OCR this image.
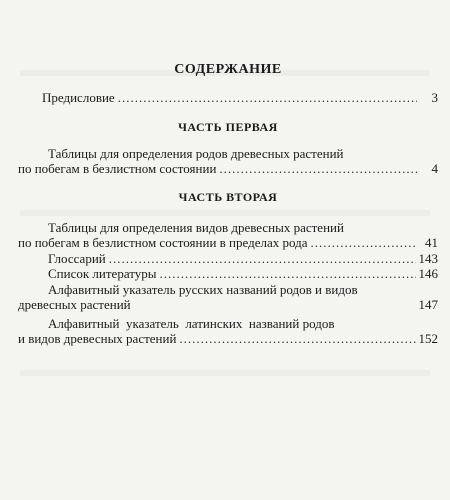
СОДЕРЖАНИЕ
Предисловие .....	3
ЧАСТЬ ПЕРВАЯ
Таблицы для определения родов древесных растений
по побегам в безлистном состоянии .....	4
ЧАСТЬ ВТОРАЯ
Таблицы для определения видов древесных растений
по побегам в безлистном состоянии в пределах рода .....	41
Глоссарий .....	143
Список литературы .....	146
Алфавитный указатель русских названий родов и видов
древесных растений	147
Алфавитный  указатель  латинских  названий родов
и видов древесных растений .....	152
